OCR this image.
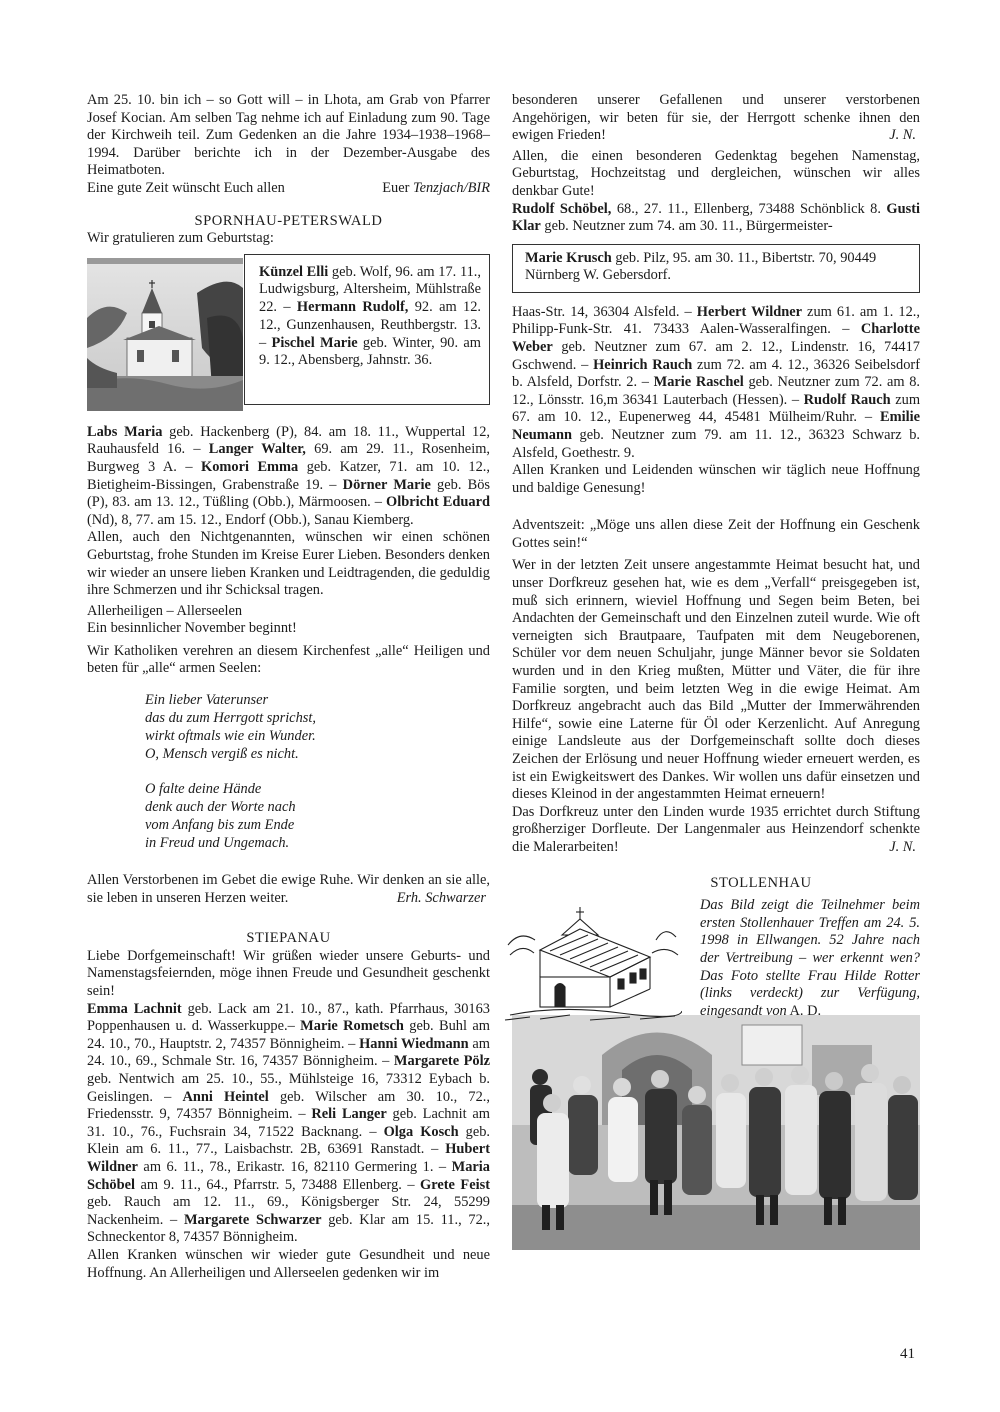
Am 25. 10. bin ich – so Gott will – in Lhota, am Grab von Pfarrer Josef Kocian. Am selben Tag nehme ich auf Einladung zum 90. Tage der Kirchweih teil. Zum Gedenken an die Jahre 1934–1938–1968–1994. Darüber berichte ich in der Dezember-Ausgabe des Heimatboten.

Eine gute Zeit wünscht Euch allen	Euer Tenzjach/BIR

SPORNHAU-PETERSWALD

Wir gratulieren zum Geburtstag:

Künzel Elli geb. Wolf, 96. am 17. 11., Ludwigsburg, Altersheim, Mühlstraße 22. – Hermann Rudolf, 92. am 12. 12., Gunzenhausen, Reuthbergstr. 13. – Pischel Marie geb. Winter, 90. am 9. 12., Abensberg, Jahnstr. 36.

Labs Maria geb. Hackenberg (P), 84. am 18. 11., Wuppertal 12, Rauhausfeld 16. – Langer Walter, 69. am 29. 11., Rosenheim, Burgweg 3 A. – Komori Emma geb. Katzer, 71. am 10. 12., Bietigheim-Bissingen, Grabenstraße 19. – Dörner Marie geb. Bös (P), 83. am 13. 12., Tüßling (Obb.), Märmoosen. – Olbricht Eduard (Nd), 8, 77. am 15. 12., Endorf (Obb.), Sanau Kiemberg.

Allen, auch den Nichtgenannten, wünschen wir einen schönen Geburtstag, frohe Stunden im Kreise Eurer Lieben. Besonders denken wir wieder an unsere lieben Kranken und Leidtragenden, die geduldig ihre Schmerzen und ihr Schicksal tragen.

Allerheiligen – Allerseelen

Ein besinnlicher November beginnt!

Wir Katholiken verehren an diesem Kirchenfest „alle“ Heiligen und beten für „alle“ armen Seelen:

Ein lieber Vaterunser
das du zum Herrgott sprichst,
wirkt oftmals wie ein Wunder.
O, Mensch vergiß es nicht.
O falte deine Hände
denk auch der Worte nach
vom Anfang bis zum Ende
in Freud und Ungemach.

Allen Verstorbenen im Gebet die ewige Ruhe. Wir denken an sie alle, sie leben in unseren Herzen weiter.	Erh. Schwarzer

STIEPANAU

Liebe Dorfgemeinschaft! Wir grüßen wieder unsere Geburts- und Namenstagsfeiernden, möge ihnen Freude und Gesundheit geschenkt sein!

Emma Lachnit geb. Lack am 21. 10., 87., kath. Pfarrhaus, 30163 Poppenhausen u. d. Wasserkuppe.– Marie Rometsch geb. Buhl am 24. 10., 70., Hauptstr. 2, 74357 Bönnigheim. – Hanni Wiedmann am 24. 10., 69., Schmale Str. 16, 74357 Bönnigheim. – Margarete Pölz geb. Nentwich am 25. 10., 55., Mühlsteige 16, 73312 Eybach b. Geislingen. – Anni Heintel geb. Wilscher am 30. 10., 72., Friedensstr. 9, 74357 Bönnigheim. – Reli Langer geb. Lachnit am 31. 10., 76., Fuchsrain 34, 71522 Backnang. – Olga Kosch geb. Klein am 6. 11., 77., Laisbachstr. 2B, 63691 Ranstadt. – Hubert Wildner am 6. 11., 78., Erikastr. 16, 82110 Germering 1. – Maria Schöbel am 9. 11., 64., Pfarrstr. 5, 73488 Ellenberg. – Grete Feist geb. Rauch am 12. 11., 69., Königsberger Str. 24, 55299 Nackenheim. – Margarete Schwarzer geb. Klar am 15. 11., 72., Schneckentor 8, 74357 Bönnigheim.

Allen Kranken wünschen wir wieder gute Gesundheit und neue Hoffnung. An Allerheiligen und Allerseelen gedenken wir im

besonderen unserer Gefallenen und unserer verstorbenen Angehörigen, wir beten für sie, der Herrgott schenke ihnen den ewigen Frieden!	J. N.

Allen, die einen besonderen Gedenktag begehen Namenstag, Geburtstag, Hochzeitstag und dergleichen, wünschen wir alles denkbar Gute!

Rudolf Schöbel, 68., 27. 11., Ellenberg, 73488 Schönblick 8. Gusti Klar geb. Neutzner zum 74. am 30. 11., Bürgermeister-

Marie Krusch geb. Pilz, 95. am 30. 11., Bibertstr. 70, 90449 Nürnberg W. Gebersdorf.

Haas-Str. 14, 36304 Alsfeld. – Herbert Wildner zum 61. am 1. 12., Philipp-Funk-Str. 41. 73433 Aalen-Wasseralfingen. – Charlotte Weber geb. Neutzner zum 67. am 2. 12., Lindenstr. 16, 74417 Gschwend. – Heinrich Rauch zum 72. am 4. 12., 36326 Seibelsdorf b. Alsfeld, Dorfstr. 2. – Marie Raschel geb. Neutzner zum 72. am 8. 12., Lönsstr. 16,m 36341 Lauterbach (Hessen). – Rudolf Rauch zum 67. am 10. 12., Eupenerweg 44, 45481 Mülheim/Ruhr. – Emilie Neumann geb. Neutzner zum 79. am 11. 12., 36323 Schwarz b. Alsfeld, Goethestr. 9.

Allen Kranken und Leidenden wünschen wir täglich neue Hoffnung und baldige Genesung!

Adventszeit: „Möge uns allen diese Zeit der Hoffnung ein Geschenk Gottes sein!“

Wer in der letzten Zeit unsere angestammte Heimat besucht hat, und unser Dorfkreuz gesehen hat, wie es dem „Verfall“ preisgegeben ist, muß sich erinnern, wieviel Hoffnung und Segen beim Beten, bei Andachten der Gemeinschaft und den Einzelnen zuteil wurde. Wie oft verneigten sich Brautpaare, Taufpaten mit dem Neugeborenen, Schüler vor dem neuen Schuljahr, junge Männer bevor sie Soldaten wurden und in den Krieg mußten, Mütter und Väter, die für ihre Familie sorgten, und beim letzten Weg in die ewige Heimat. Am Dorfkreuz angebracht auch das Bild „Mutter der Immerwährenden Hilfe“, sowie eine Laterne für Öl oder Kerzenlicht. Auf Anregung einige Landsleute aus der Dorfgemeinschaft sollte doch dieses Zeichen der Erlösung und neuer Hoffnung wieder erneuert werden, es ist ein Ewigkeitswert des Dankes. Wir wollen uns dafür einsetzen und dieses Kleinod in der angestammten Heimat erneuern!

Das Dorfkreuz unter den Linden wurde 1935 errichtet durch Stiftung großherziger Dorfleute. Der Langenmaler aus Heinzendorf schenkte die Malerarbeiten!	J. N.

STOLLENHAU

Das Bild zeigt die Teilnehmer beim ersten Stollenhauer Treffen am 24. 5. 1998 in Ellwangen. 52 Jahre nach der Vertreibung – wer erkennt wen? Das Foto stellte Frau Hilde Rotter (links verdeckt) zur Verfügung, eingesandt von A. D.

41
